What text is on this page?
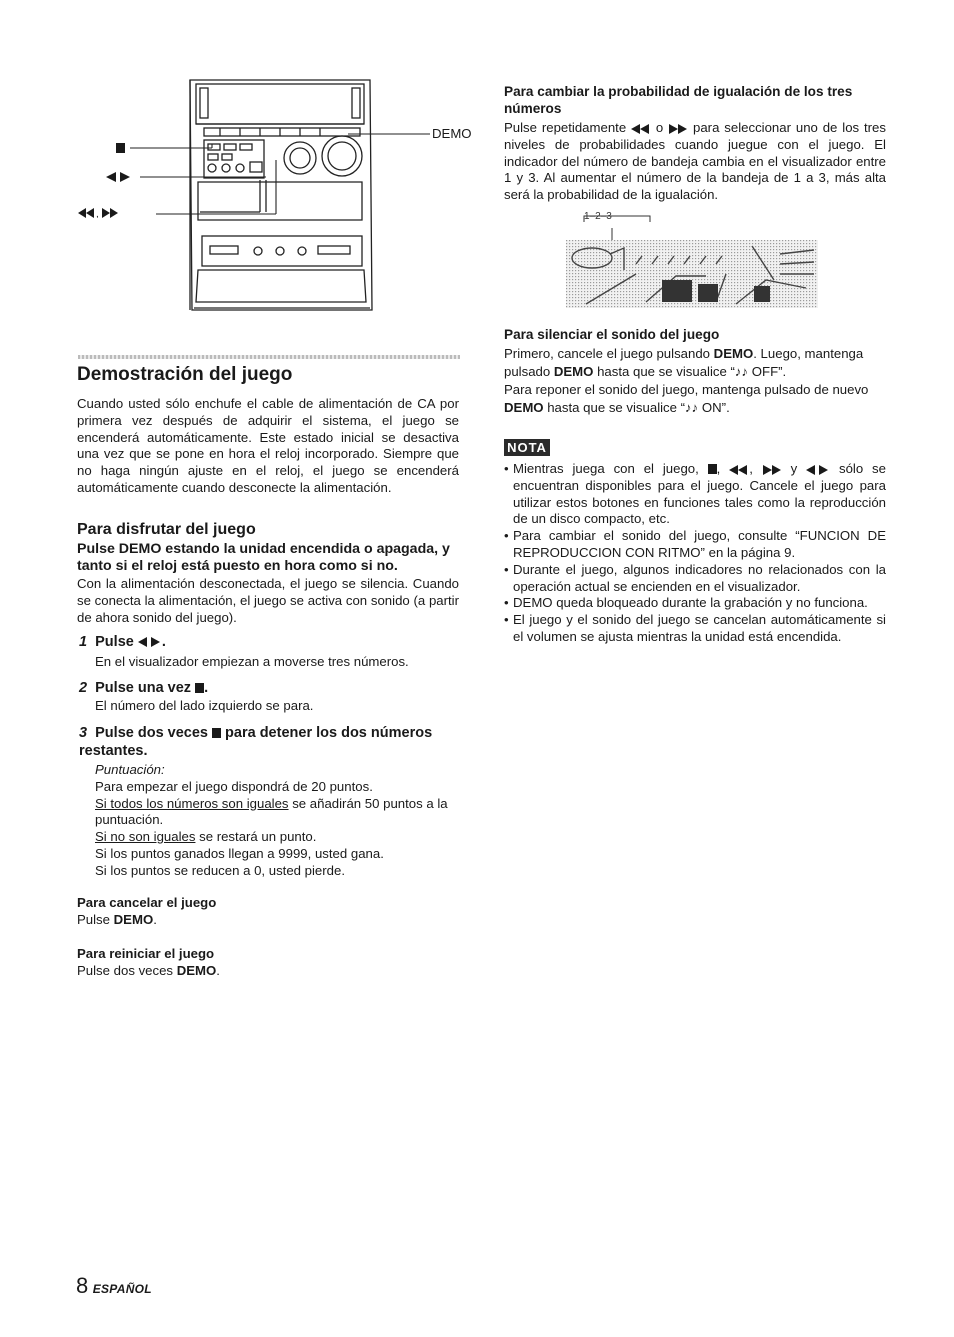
,
DEMO
Demostración del juego
Cuando usted sólo enchufe el cable de alimentación de CA por primera vez después de adquirir el sistema, el juego se encenderá automáticamente. Este estado inicial se desactiva una vez que se pone en hora el reloj incorporado. Siempre que no haga ningún ajuste en el reloj, el juego se encenderá automáticamente cuando desconecte la alimentación.
Para disfrutar del juego
Pulse DEMO estando la unidad encendida o apagada, y tanto si el reloj está puesto en hora como si no.
Con la alimentación desconectada, el juego se silencia. Cuando se conecta la alimentación, el juego se activa con sonido (a partir de ahora sonido del juego).
1 Pulse .
En el visualizador empiezan a moverse tres números.
2 Pulse una vez .
El número del lado izquierdo se para.
3 Pulse dos veces para detener los dos números restantes.
Puntuación:
Para empezar el juego dispondrá de 20 puntos.
Si todos los números son iguales se añadirán 50 puntos a la puntuación.
Si no son iguales se restará un punto.
Si los puntos ganados llegan a 9999, usted gana.
Si los puntos se reducen a 0, usted pierde.
Para cancelar el juego
Pulse DEMO.
Para reiniciar el juego
Pulse dos veces DEMO.
Para cambiar la probabilidad de igualación de los tres números
Pulse repetidamente o para seleccionar uno de los tres niveles de probabilidades cuando juegue con el juego. El indicador del número de bandeja cambia en el visualizador entre 1 y 3. Al aumentar el número de la bandeja de 1 a 3, más alta será la probabilidad de la igualación.
1–2–3
Para silenciar el sonido del juego
Primero, cancele el juego pulsando DEMO. Luego, mantenga pulsado DEMO hasta que se visualice “♪♪ OFF”.
Para reponer el sonido del juego, mantenga pulsado de nuevo DEMO hasta que se visualice “♪♪ ON”.
NOTA
• Mientras juega con el juego, , ,  y	sólo se encuentran disponibles para el juego. Cancele el juego para utilizar estos botones en funciones tales como la reproducción de un disco compacto, etc.
• Para cambiar el sonido del juego, consulte “FUNCION DE REPRODUCCION CON RITMO” en la página 9.
• Durante el juego, algunos indicadores no relacionados con la operación actual se encienden en el visualizador.
• DEMO queda bloqueado durante la grabación y no funciona.
• El juego y el sonido del juego se cancelan automáticamente si el volumen se ajusta mientras la unidad está encendida.
8 ESPAÑOL
